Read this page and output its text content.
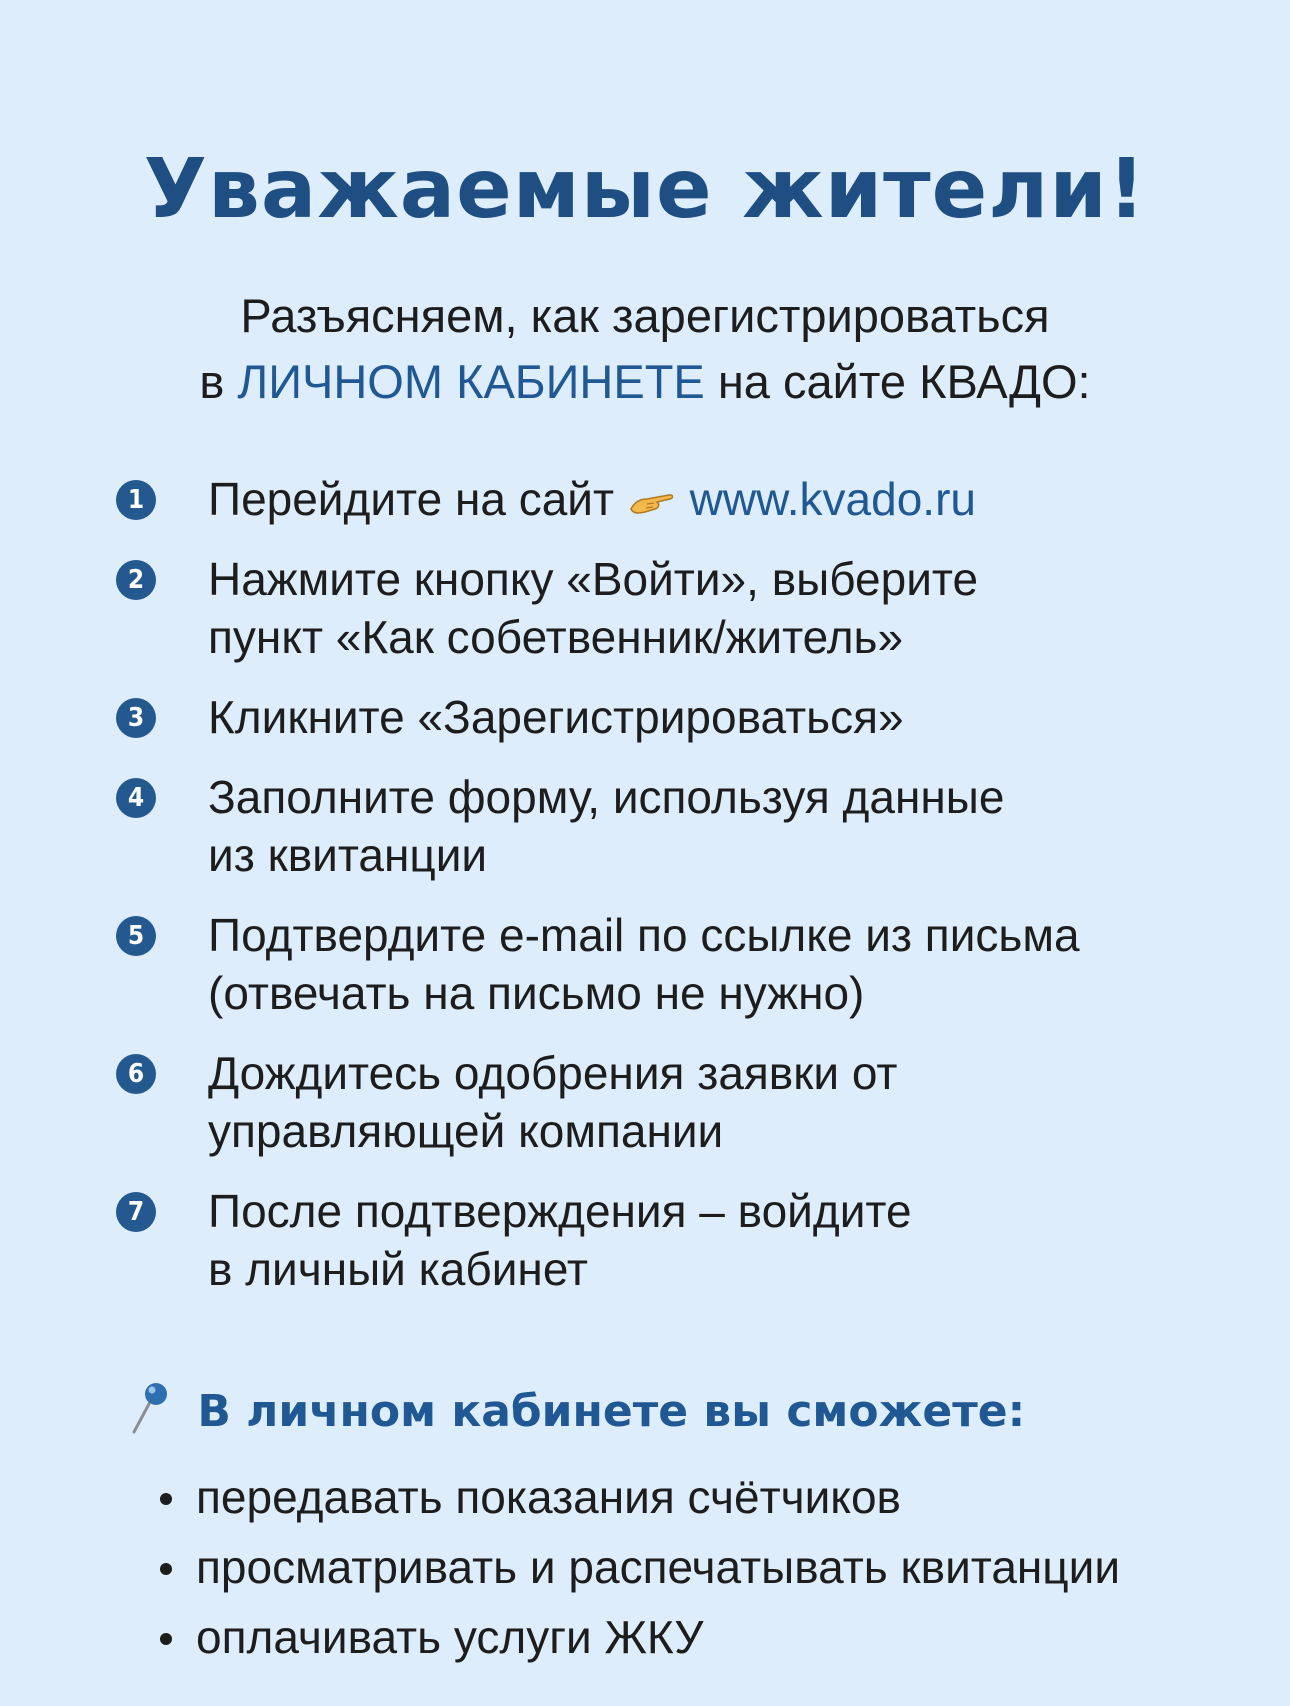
Уважаемые жители!
Разъясняем, как зарегистрироваться
в ЛИЧНОМ КАБИНЕТЕ на сайте КВАДО:
1 Перейдите на сайт www.kvado.ru
2 Нажмите кнопку «Войти», выберите
пункт «Как собетвенник/житель»
3 Кликните «Зарегистрироваться»
4 Заполните форму, используя данные
из квитанции
5 Подтвердите e-mail по ссылке из письма
(отвечать на письмо не нужно)
6 Дождитесь одобрения заявки от
управляющей компании
7 После подтверждения – войдите
в личный кабинет
В личном кабинете вы сможете:
передавать показания счётчиков
просматривать и распечатывать квитанции
оплачивать услуги ЖКУ
